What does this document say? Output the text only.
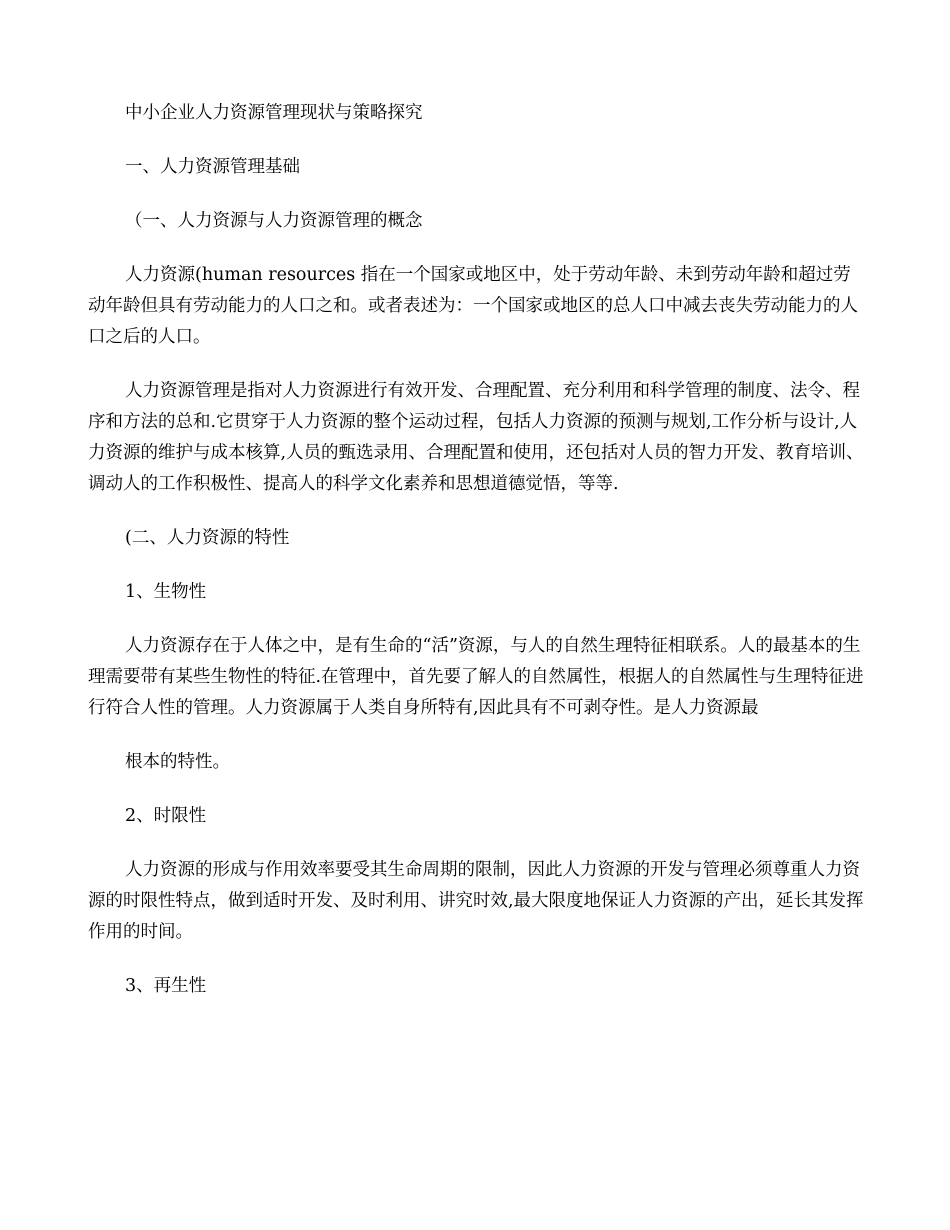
中小企业人力资源管理现状与策略探究

一、人力资源管理基础

（一、人力资源与人力资源管理的概念

人力资源(human resources 指在一个国家或地区中，处于劳动年龄、未到劳动年龄和超过劳动年龄但具有劳动能力的人口之和。或者表述为：一个国家或地区的总人口中减去丧失劳动能力的人口之后的人口。

人力资源管理是指对人力资源进行有效开发、合理配置、充分利用和科学管理的制度、法令、程序和方法的总和.它贯穿于人力资源的整个运动过程，包括人力资源的预测与规划,工作分析与设计,人力资源的维护与成本核算,人员的甄选录用、合理配置和使用，还包括对人员的智力开发、教育培训、调动人的工作积极性、提高人的科学文化素养和思想道德觉悟，等等.

(二、人力资源的特性

1、生物性

人力资源存在于人体之中，是有生命的“活”资源，与人的自然生理特征相联系。人的最基本的生理需要带有某些生物性的特征.在管理中，首先要了解人的自然属性，根据人的自然属性与生理特征进行符合人性的管理。人力资源属于人类自身所特有,因此具有不可剥夺性。是人力资源最

根本的特性。

2、时限性

人力资源的形成与作用效率要受其生命周期的限制，因此人力资源的开发与管理必须尊重人力资源的时限性特点，做到适时开发、及时利用、讲究时效,最大限度地保证人力资源的产出，延长其发挥作用的时间。

3、再生性
